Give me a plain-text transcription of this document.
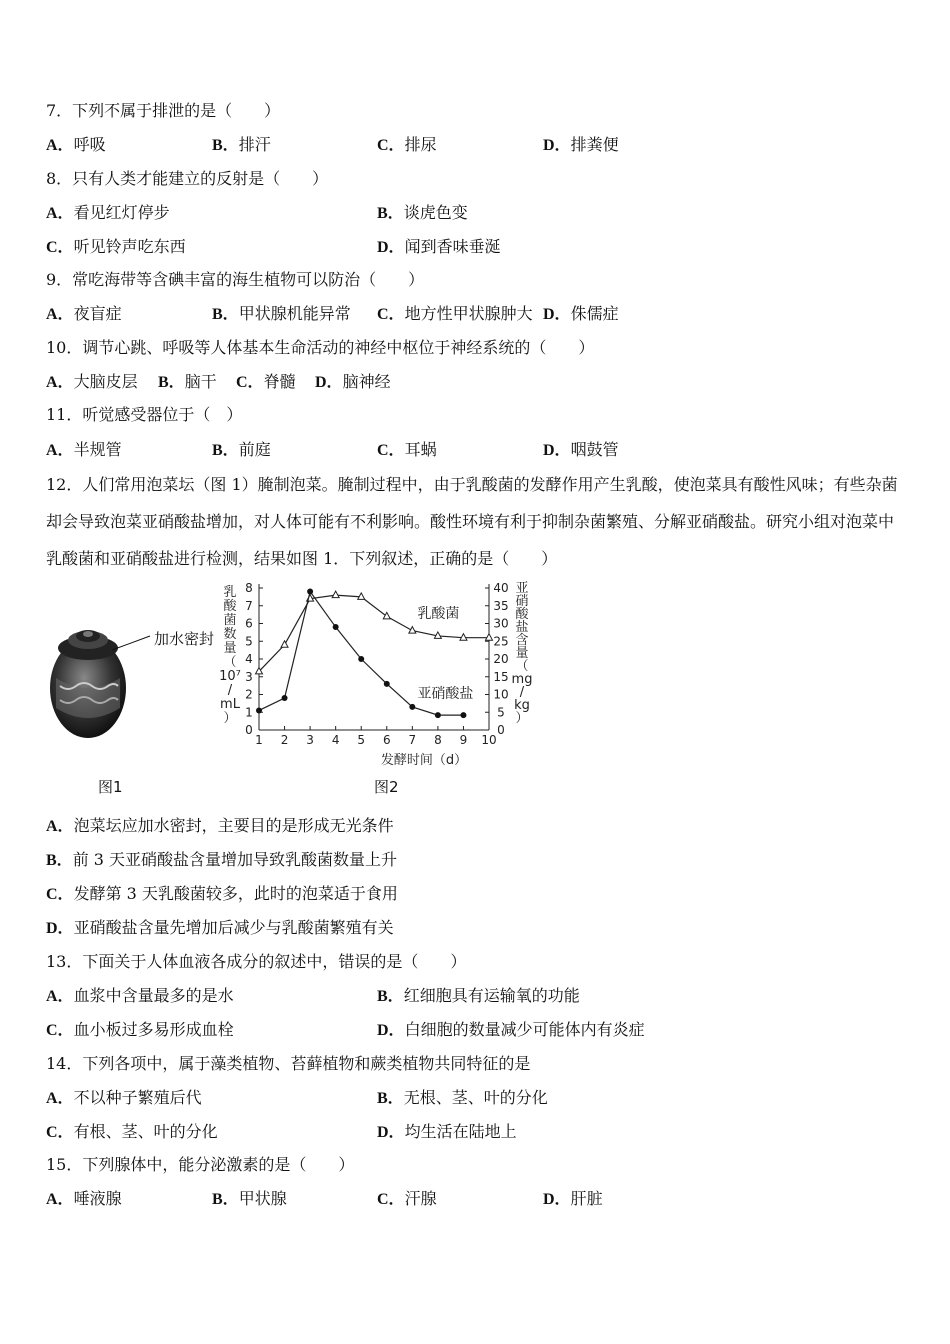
7．下列不属于排泄的是（　　）
A．呼吸	B．排汗	C．排尿	D．排粪便
8．只有人类才能建立的反射是（　　）
A．看见红灯停步	B．谈虎色变
C．听见铃声吃东西	D．闻到香味垂涎
9．常吃海带等含碘丰富的海生植物可以防治（　　）
A．夜盲症	B．甲状腺机能异常 C．地方性甲状腺肿大 D．侏儒症
10．调节心跳、呼吸等人体基本生命活动的神经中枢位于神经系统的（　　）
A．大脑皮层 B．脑干 C．脊髓 D．脑神经
11．听觉感受器位于（　）
A．半规管	B．前庭	C．耳蜗	D．咽鼓管
12．人们常用泡菜坛（图 1）腌制泡菜。腌制过程中，由于乳酸菌的发酵作用产生乳酸，使泡菜具有酸性风味；有些杂菌却会导致泡菜亚硝酸盐增加，对人体可能有不利影响。酸性环境有利于抑制杂菌繁殖、分解亚硝酸盐。研究小组对泡菜中乳酸菌和亚硝酸盐进行检测，结果如图 1．下列叙述，正确的是（　　）
加水密封
图1	图2
0
1
2
3
4
5
6
7
8
0
5
10
15
20
25
30
35
40
1 2 3 4 5 6 7 8 9 10
乳
酸
菌
数
量
（
10⁷
/
mL
）
亚
硝
酸
盐
含
量
（
mg
/
kg
）
发酵时间（d）
乳酸菌
亚硝酸盐
A．泡菜坛应加水密封，主要目的是形成无光条件
B．前 3 天亚硝酸盐含量增加导致乳酸菌数量上升
C．发酵第 3 天乳酸菌较多，此时的泡菜适于食用
D．亚硝酸盐含量先增加后减少与乳酸菌繁殖有关
13．下面关于人体血液各成分的叙述中，错误的是（　　）
A．血浆中含量最多的是水	B．红细胞具有运输氧的功能
C．血小板过多易形成血栓	D．白细胞的数量减少可能体内有炎症
14．下列各项中，属于藻类植物、苔藓植物和蕨类植物共同特征的是
A．不以种子繁殖后代	B．无根、茎、叶的分化
C．有根、茎、叶的分化	D．均生活在陆地上
15．下列腺体中，能分泌激素的是（　　）
A．唾液腺	B．甲状腺	C．汗腺	D．肝脏
